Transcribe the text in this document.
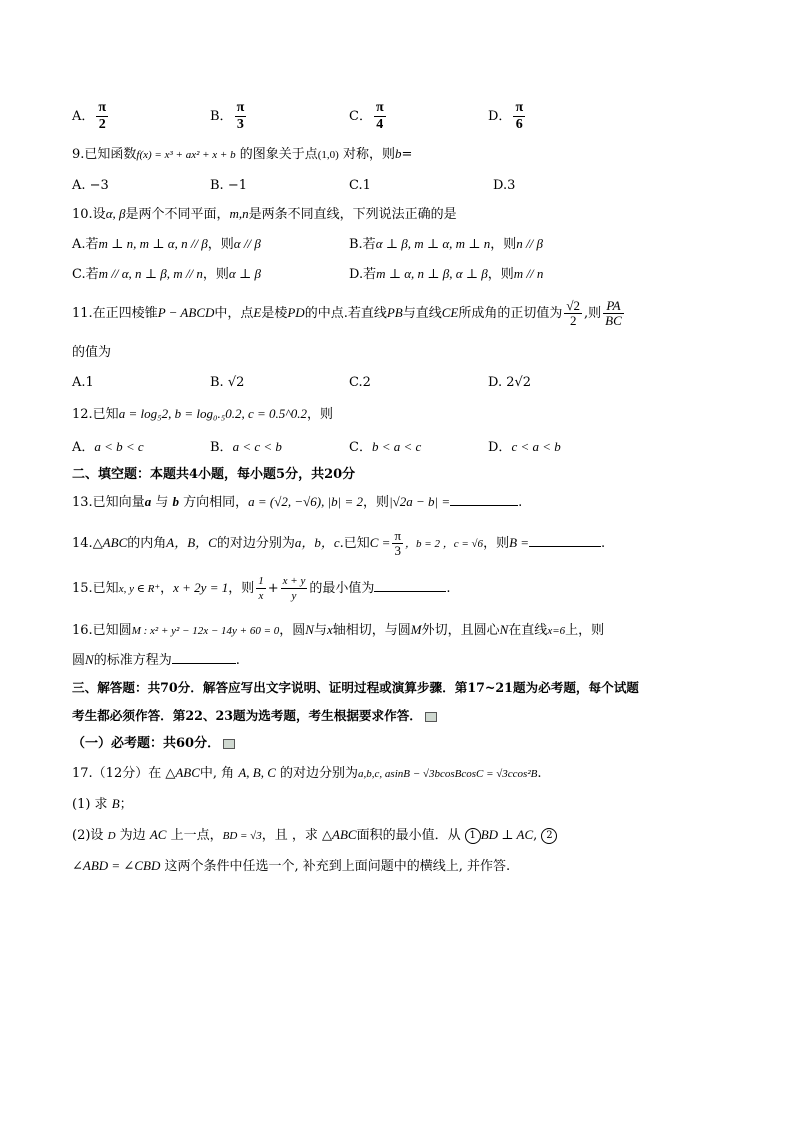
A． $\frac{\pi}{2}$	B． $\frac{\pi}{3}$	C． $\frac{\pi}{4}$	D． $\frac{\pi}{6}$
9.已知函数f(x) = x³ + ax² + x + b 的图象关于点(1,0) 对称，则b=
A. −3	B. −1	C.1	D.3
10.设α, β是两个不同平面，m,n是两条不同直线，下列说法正确的是
A.若m ⊥ n, m ⊥ α, n // β，则α // β	B.若α ⊥ β, m ⊥ α, m ⊥ n，则n // β
C.若m // α, n ⊥ β, m // n，则α ⊥ β	D.若m ⊥ α, n ⊥ β, α ⊥ β，则m // n
11.在正四棱锥P − ABCD中，点E是棱PD的中点.若直线PB与直线CE所成角的正切值为 $\frac{√2}{2}$ ,则 $\frac{PA}{BC}$
的值为
A.1	B. √2	C.2	D. 2√2
12.已知a = log₅2, b = log₀.₅0.2, c = 0.5^0.2，则
A．a < b < c	B．a < c < b	C．b < a < c	D．c < a < b
二、填空题：本题共4小题，每小题5分，共20分
13.已知向量a 与 b 方向相同，a = (√2, −√6), |b| = 2，则|√2a − b| =	.
14.△ABC的内角A，B，C的对边分别为a，b，c.已知$C = \frac{\pi}{3}$ ，b = 2 ，c = √6，则B =	.
15.已知x, y ∈ R⁺，x + 2y = 1，则 $\frac{1}{x} + \frac{x + y}{y}$ 的最小值为	.
16.已知圆M : x² + y² − 12x − 14y + 60 = 0，圆N与x轴相切，与圆M外切，且圆心N在直线x=6上，则
圆N的标准方程为	.
三、解答题：共70分．解答应写出文字说明、证明过程或演算步骤．第17~21题为必考题，每个试题
考生都必须作答．第22、23题为选考题，考生根据要求作答．
（一）必考题：共60分．
17.（12分）在 △ABC中, 角 A, B, C 的对边分别为a,b,c, asinB − √3bcosBcosC = √3ccos²B.
(1) 求 B；
(2)设 D 为边 AC 上一点，BD = √3，且 ，求 △ABC面积的最小值．从 1 BD ⊥ AC, 2
∠ABD = ∠CBD 这两个条件中任选一个, 补充到上面问题中的横线上, 并作答.
